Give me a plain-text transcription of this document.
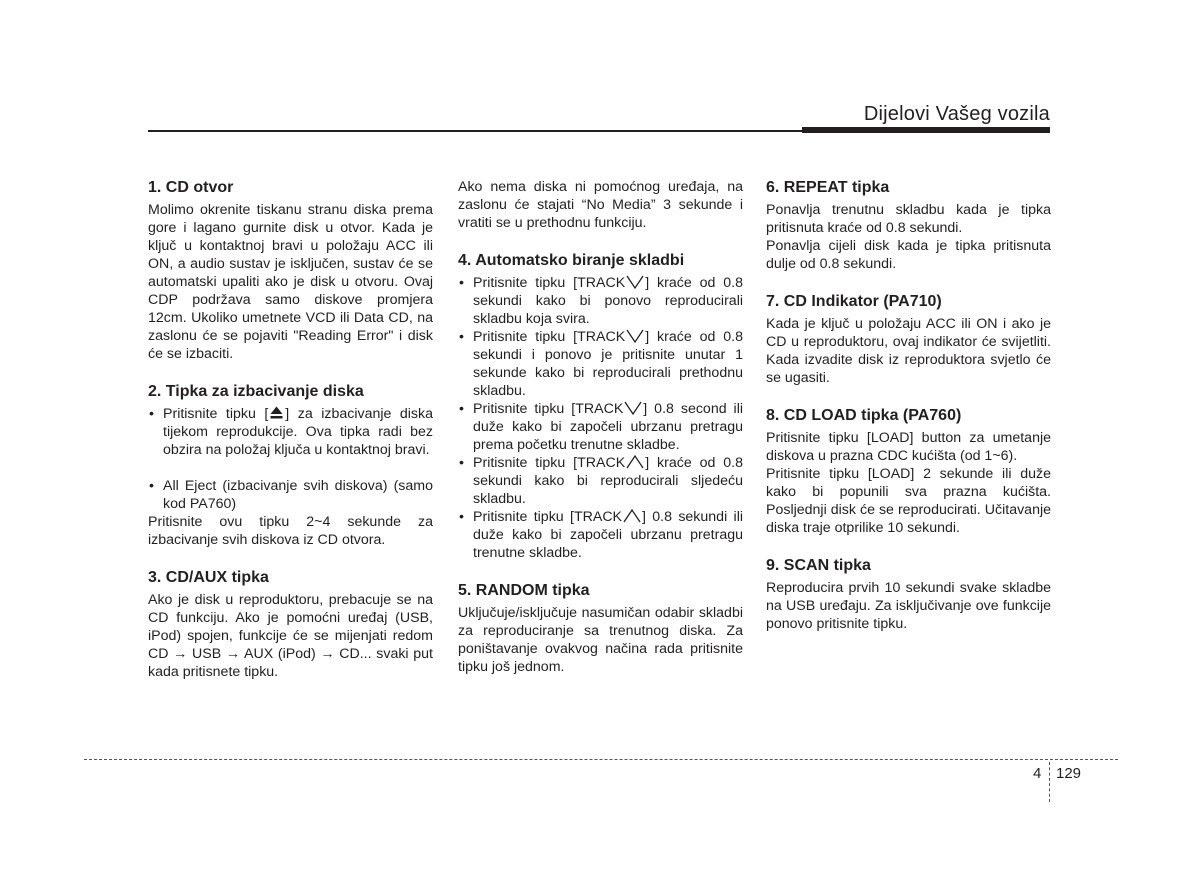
Dijelovi Vašeg vozila
1. CD otvor

Molimo okrenite tiskanu stranu diska prema gore i lagano gurnite disk u otvor. Kada je ključ u kontaktnoj bravi u položaju ACC ili ON, a audio sustav je isključen, sustav će se automatski upaliti ako je disk u otvoru. Ovaj CDP podržava samo diskove promjera 12cm. Ukoliko umetnete VCD ili Data CD, na zaslonu će se pojaviti "Reading Error" i disk će se izbaciti.

2. Tipka za izbacivanje diska

• Pritisnite tipku [ ] za izbacivanje diska tijekom reprodukcije. Ova tipka radi bez obzira na položaj ključa u kontaktnoj bravi.

• All Eject (izbacivanje svih diskova) (samo kod PA760)

Pritisnite ovu tipku 2~4 sekunde za izbacivanje svih diskova iz CD otvora.

3. CD/AUX tipka

Ako je disk u reproduktoru, prebacuje se na CD funkciju. Ako je pomoćni uređaj (USB, iPod) spojen, funkcije će se mijenjati redom CD → USB → AUX (iPod) → CD... svaki put kada pritisnete tipku.

Ako nema diska ni pomoćnog uređaja, na zaslonu će stajati “No Media” 3 sekunde i vratiti se u prethodnu funkciju.

4. Automatsko biranje skladbi

• Pritisnite tipku [TRACK ] kraće od 0.8 sekundi kako bi ponovo reproducirali skladbu koja svira.

• Pritisnite tipku [TRACK ] kraće od 0.8 sekundi i ponovo je pritisnite unutar 1 sekunde kako bi reproducirali prethodnu skladbu.

• Pritisnite tipku [TRACK ] 0.8 second ili duže kako bi započeli ubrzanu pretragu prema početku trenutne skladbe.

• Pritisnite tipku [TRACK ] kraće od 0.8 sekundi kako bi reproducirali sljedeću skladbu.

• Pritisnite tipku [TRACK ] 0.8 sekundi ili duže kako bi započeli ubrzanu pretragu trenutne skladbe.

5. RANDOM tipka

Uključuje/isključuje nasumičan odabir skladbi za reproduciranje sa trenutnog diska. Za poništavanje ovakvog načina rada pritisnite tipku još jednom.

6. REPEAT tipka

Ponavlja trenutnu skladbu kada je tipka pritisnuta kraće od 0.8 sekundi.

Ponavlja cijeli disk kada je tipka pritisnuta dulje od 0.8 sekundi.

7. CD Indikator (PA710)

Kada je ključ u položaju ACC ili ON i ako je CD u reproduktoru, ovaj indikator će svijetliti. Kada izvadite disk iz reproduktora svjetlo će se ugasiti.

8. CD LOAD tipka (PA760)

Pritisnite tipku [LOAD] button za umetanje diskova u prazna CDC kućišta (od 1~6).

Pritisnite tipku [LOAD] 2 sekunde ili duže kako bi popunili sva prazna kućišta. Posljednji disk će se reproducirati. Učitavanje diska traje otprilike 10 sekundi.

9. SCAN tipka

Reproducira prvih 10 sekundi svake skladbe na USB uređaju. Za isključivanje ove funkcije ponovo pritisnite tipku.

4 129
